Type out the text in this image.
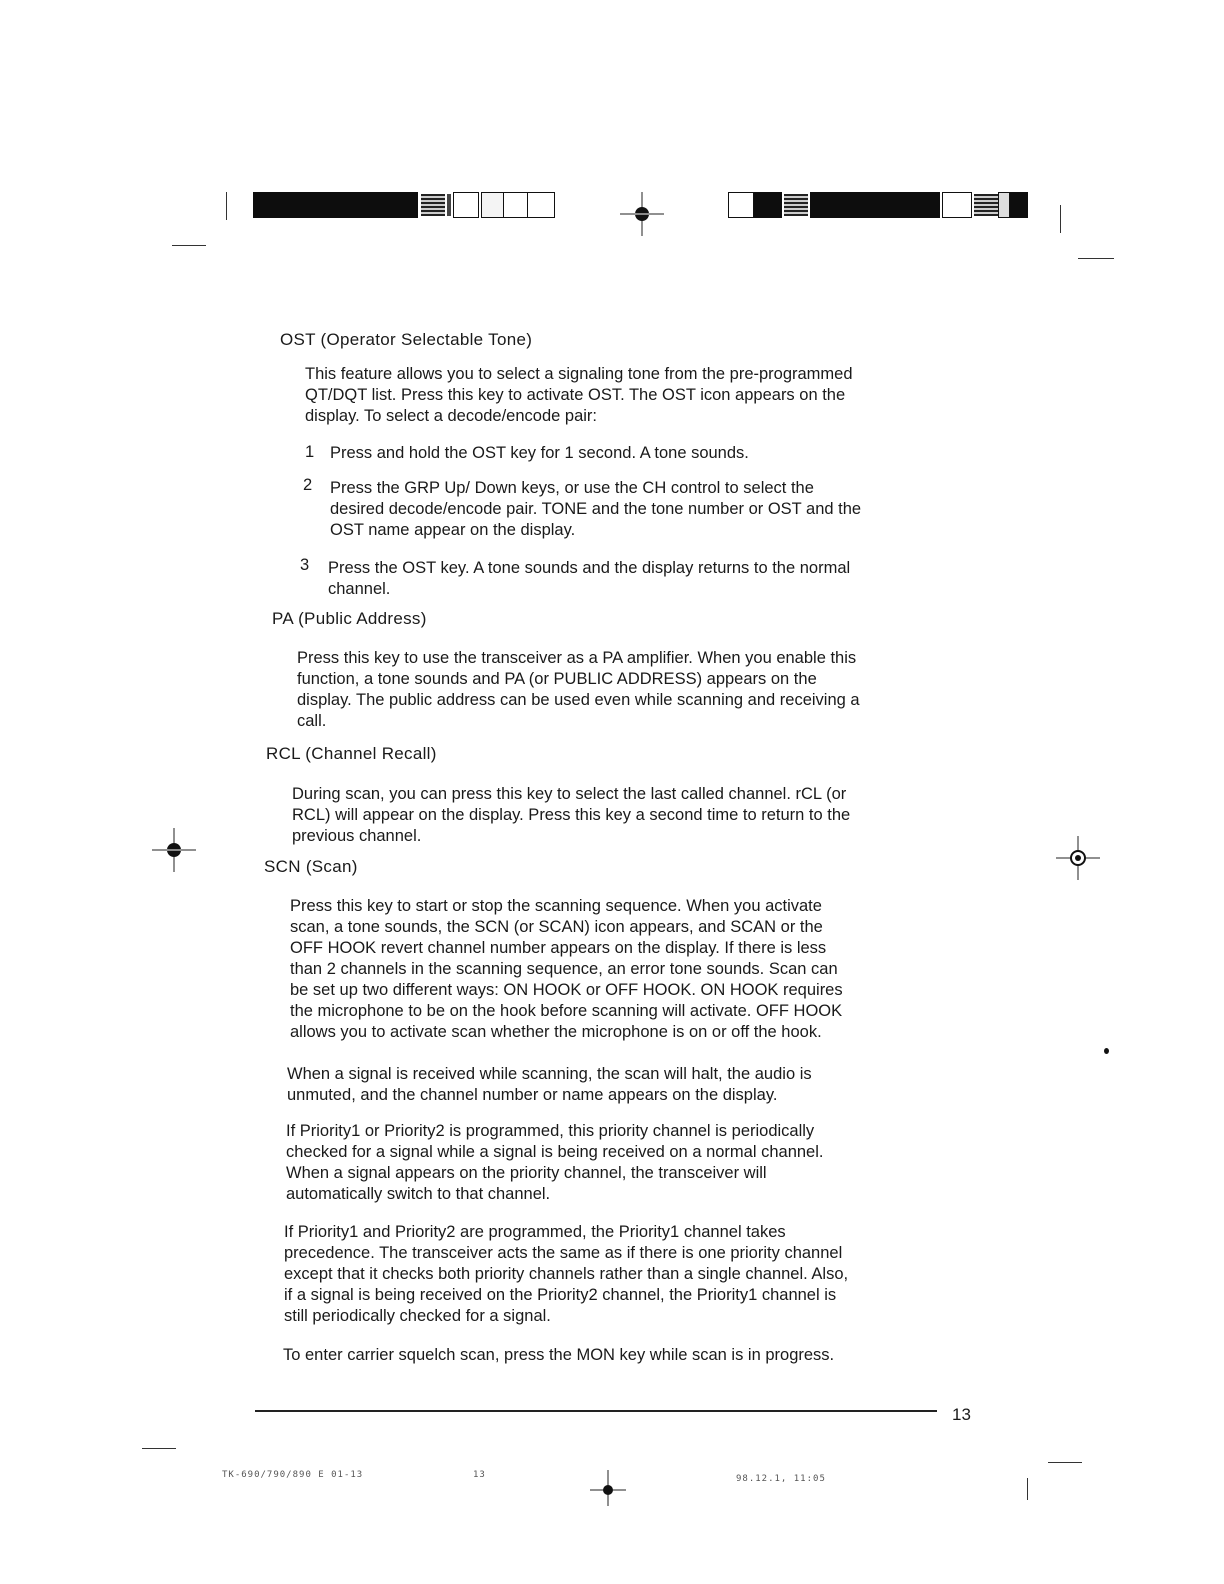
OST (Operator Selectable Tone)

This feature allows you to select a signaling tone from the pre-programmed
QT/DQT list. Press this key to activate OST. The OST icon appears on the
display. To select a decode/encode pair:

1 Press and hold the OST key for 1 second. A tone sounds.
2 Press the GRP Up/ Down keys, or use the CH control to select the
desired decode/encode pair. TONE and the tone number or OST and the
OST name appear on the display.
3 Press the OST key. A tone sounds and the display returns to the normal
channel.
PA (Public Address)

Press this key to use the transceiver as a PA amplifier. When you enable this
function, a tone sounds and PA (or PUBLIC ADDRESS) appears on the
display. The public address can be used even while scanning and receiving a
call.

RCL (Channel Recall)

During scan, you can press this key to select the last called channel. rCL (or
RCL) will appear on the display. Press this key a second time to return to the
previous channel.

SCN (Scan)

Press this key to start or stop the scanning sequence. When you activate
scan, a tone sounds, the SCN (or SCAN) icon appears, and SCAN or the
OFF HOOK revert channel number appears on the display. If there is less
than 2 channels in the scanning sequence, an error tone sounds. Scan can
be set up two different ways: ON HOOK or OFF HOOK. ON HOOK requires
the microphone to be on the hook before scanning will activate. OFF HOOK
allows you to activate scan whether the microphone is on or off the hook.

When a signal is received while scanning, the scan will halt, the audio is
unmuted, and the channel number or name appears on the display.

If Priority1 or Priority2 is programmed, this priority channel is periodically
checked for a signal while a signal is being received on a normal channel.
When a signal appears on the priority channel, the transceiver will
automatically switch to that channel.

If Priority1 and Priority2 are programmed, the Priority1 channel takes
precedence. The transceiver acts the same as if there is one priority channel
except that it checks both priority channels rather than a single channel. Also,
if a signal is being received on the Priority2 channel, the Priority1 channel is
still periodically checked for a signal.

To enter carrier squelch scan, press the MON key while scan is in progress.

13
TK-690/790/890 E 01-13	13	98.12.1, 11:05
